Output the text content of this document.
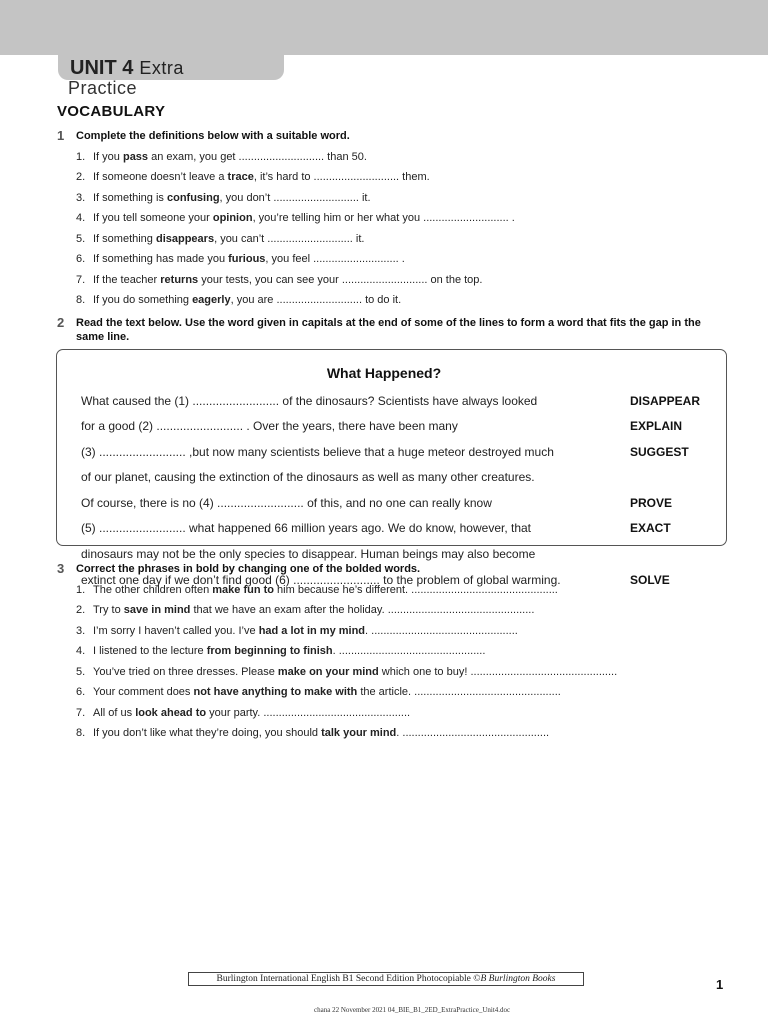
UNIT 4 Extra
Practice
VOCABULARY
1 Complete the definitions below with a suitable word.
1. If you pass an exam, you get ............................ than 50.
2. If someone doesn’t leave a trace, it’s hard to ............................ them.
3. If something is confusing, you don’t ............................ it.
4. If you tell someone your opinion, you’re telling him or her what you ............................ .
5. If something disappears, you can’t ............................ it.
6. If something has made you furious, you feel ............................ .
7. If the teacher returns your tests, you can see your ............................ on the top.
8. If you do something eagerly, you are ............................ to do it.
2 Read the text below. Use the word given in capitals at the end of some of the lines to form a word that fits the gap in the same line.
What Happened?
What caused the (1) .......................... of the dinosaurs? Scientists have always looked	DISAPPEAR
for a good (2) .......................... . Over the years, there have been many	EXPLAIN
(3) .......................... ,but now many scientists believe that a huge meteor destroyed much	SUGGEST
of our planet, causing the extinction of the dinosaurs as well as many other creatures.
Of course, there is no (4) .......................... of this, and no one can really know	PROVE
(5) .......................... what happened 66 million years ago. We do know, however, that	EXACT
dinosaurs may not be the only species to disappear. Human beings may also become
extinct one day if we don’t find good (6) .......................... to the problem of global warming.	SOLVE
3 Correct the phrases in bold by changing one of the bolded words.
1. The other children often make fun to him because he’s different. ................................................
2. Try to save in mind that we have an exam after the holiday. ................................................
3. I’m sorry I haven’t called you. I’ve had a lot in my mind. ................................................
4. I listened to the lecture from beginning to finish. ................................................
5. You’ve tried on three dresses. Please make on your mind which one to buy! ................................................
6. Your comment does not have anything to make with the article. ................................................
7. All of us look ahead to your party. ................................................
8. If you don’t like what they’re doing, you should talk your mind. ................................................
Burlington International English B1 Second Edition Photocopiable ©B Burlington Books	1
chana 22 November 2021 04_BIE_B1_2ED_ExtraPractice_Unit4.doc
